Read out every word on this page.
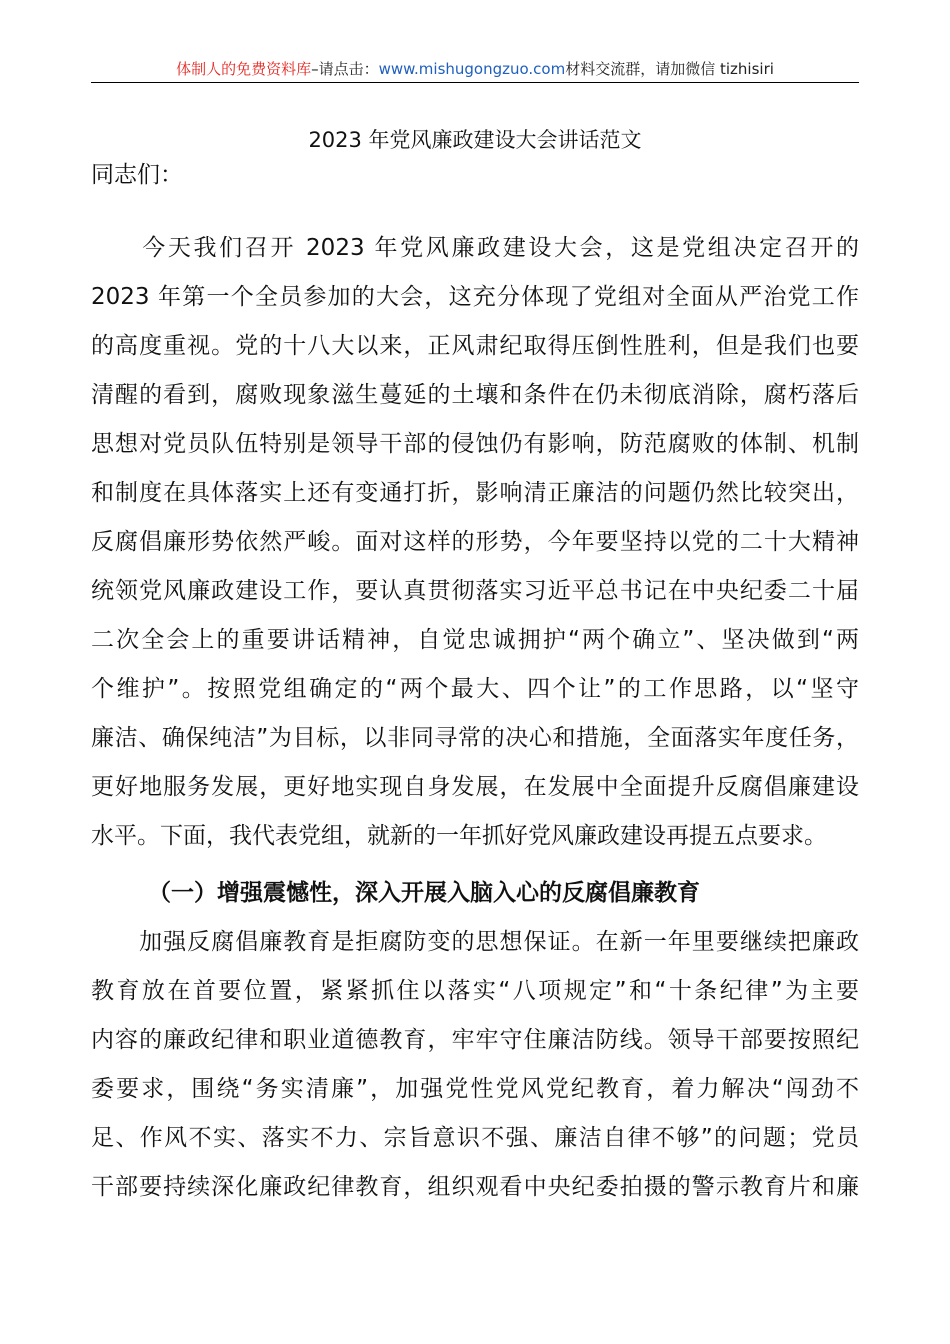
体制人的免费资料库–请点击：www.mishugongzuo.com材料交流群，请加微信 tizhisiri
2023 年党风廉政建设大会讲话范文
同志们：
　　今天我们召开 2023 年党风廉政建设大会，这是党组决定召开的
2023 年第一个全员参加的大会，这充分体现了党组对全面从严治党工作
的高度重视。党的十八大以来，正风肃纪取得压倒性胜利，但是我们也要
清醒的看到，腐败现象滋生蔓延的土壤和条件在仍未彻底消除，腐朽落后
思想对党员队伍特别是领导干部的侵蚀仍有影响，防范腐败的体制、机制
和制度在具体落实上还有变通打折，影响清正廉洁的问题仍然比较突出，
反腐倡廉形势依然严峻。面对这样的形势，今年要坚持以党的二十大精神
统领党风廉政建设工作，要认真贯彻落实习近平总书记在中央纪委二十届
二次全会上的重要讲话精神，自觉忠诚拥护“两个确立”、坚决做到“两
个维护”。按照党组确定的“两个最大、四个让”的工作思路，以“坚守
廉洁、确保纯洁”为目标，以非同寻常的决心和措施，全面落实年度任务，
更好地服务发展，更好地实现自身发展，在发展中全面提升反腐倡廉建设
水平。下面，我代表党组，就新的一年抓好党风廉政建设再提五点要求。
（一）增强震憾性，深入开展入脑入心的反腐倡廉教育
　　加强反腐倡廉教育是拒腐防变的思想保证。在新一年里要继续把廉政
教育放在首要位置，紧紧抓住以落实“八项规定”和“十条纪律”为主要
内容的廉政纪律和职业道德教育，牢牢守住廉洁防线。领导干部要按照纪
委要求，围绕“务实清廉”，加强党性党风党纪教育，着力解决“闯劲不
足、作风不实、落实不力、宗旨意识不强、廉洁自律不够”的问题；党员
干部要持续深化廉政纪律教育，组织观看中央纪委拍摄的警示教育片和廉
